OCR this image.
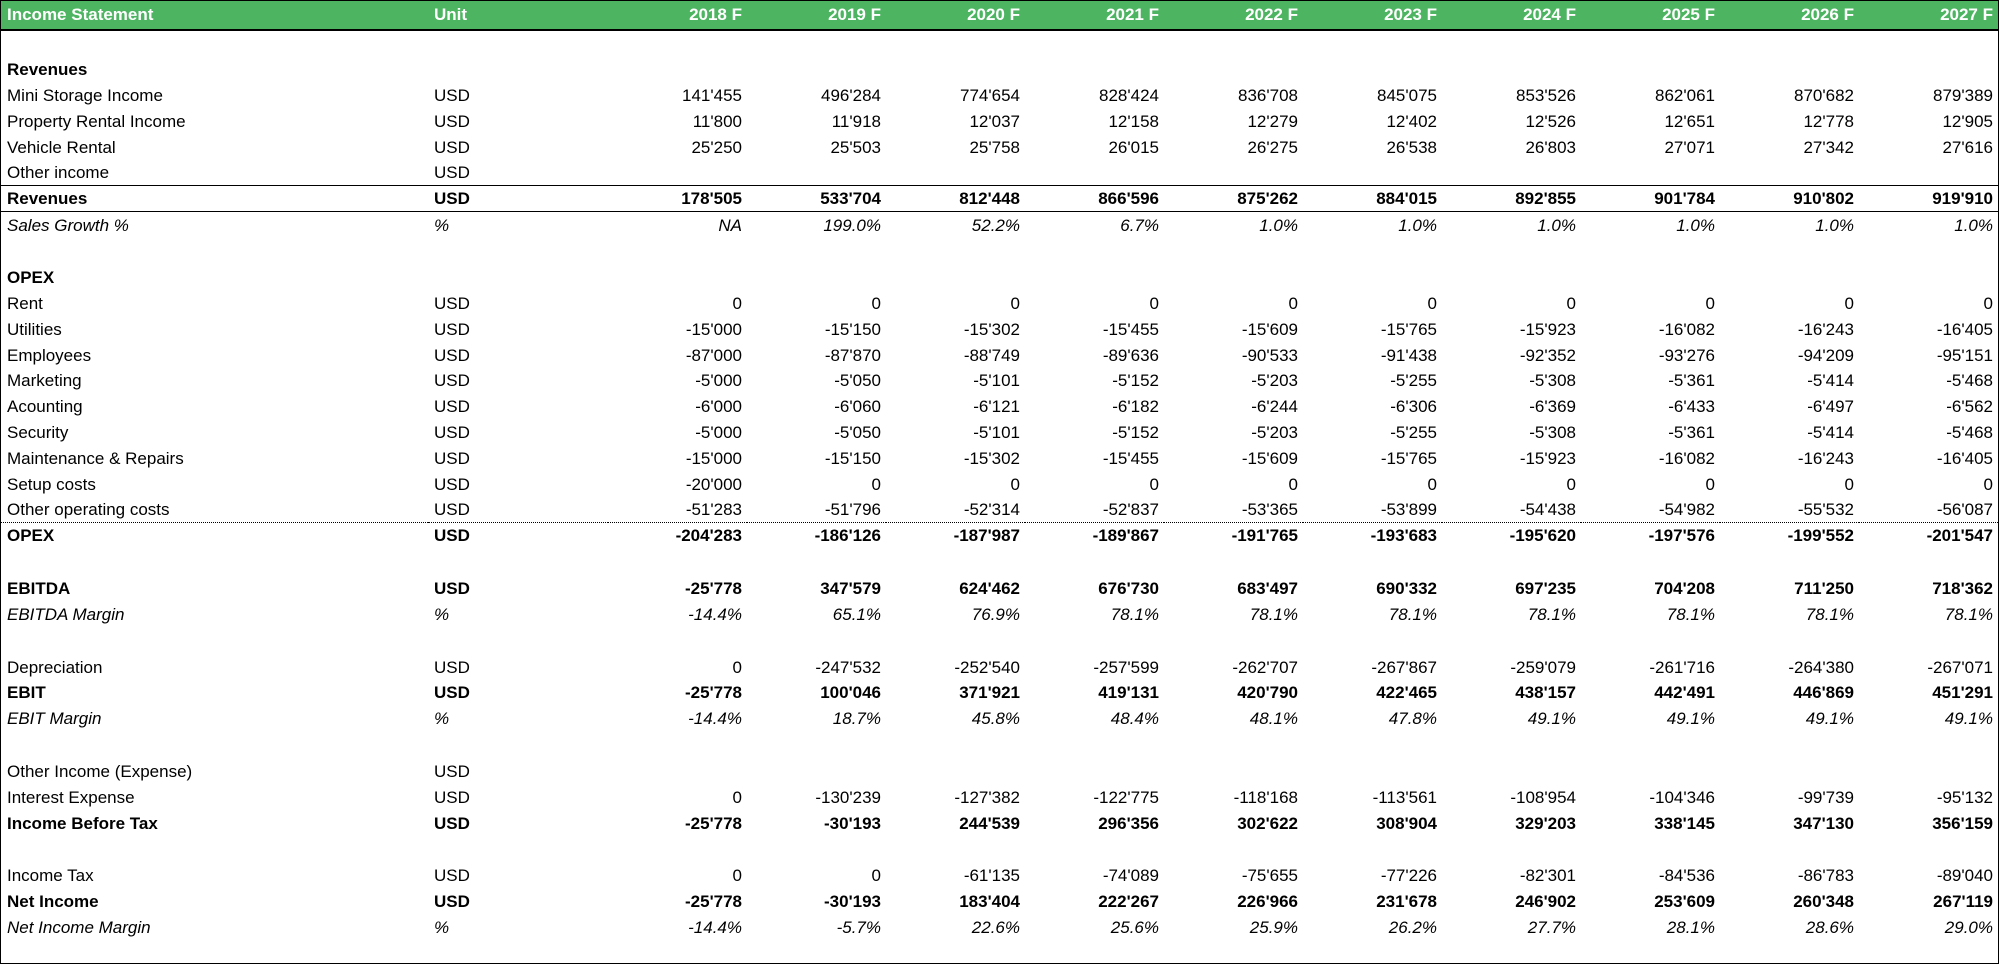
Income Statement	Unit	2018 F	2019 F	2020 F	2021 F	2022 F	2023 F	2024 F	2025 F	2026 F	2027 F

Revenues											
Mini Storage Income	USD	141'455	496'284	774'654	828'424	836'708	845'075	853'526	862'061	870'682	879'389
Property Rental Income	USD	11'800	11'918	12'037	12'158	12'279	12'402	12'526	12'651	12'778	12'905
Vehicle Rental	USD	25'250	25'503	25'758	26'015	26'275	26'538	26'803	27'071	27'342	27'616
Other income	USD										
Revenues	USD	178'505	533'704	812'448	866'596	875'262	884'015	892'855	901'784	910'802	919'910
Sales Growth %	%	NA	199.0%	52.2%	6.7%	1.0%	1.0%	1.0%	1.0%	1.0%	1.0%

OPEX											
Rent	USD	0	0	0	0	0	0	0	0	0	0
Utilities	USD	-15'000	-15'150	-15'302	-15'455	-15'609	-15'765	-15'923	-16'082	-16'243	-16'405
Employees	USD	-87'000	-87'870	-88'749	-89'636	-90'533	-91'438	-92'352	-93'276	-94'209	-95'151
Marketing	USD	-5'000	-5'050	-5'101	-5'152	-5'203	-5'255	-5'308	-5'361	-5'414	-5'468
Acounting	USD	-6'000	-6'060	-6'121	-6'182	-6'244	-6'306	-6'369	-6'433	-6'497	-6'562
Security	USD	-5'000	-5'050	-5'101	-5'152	-5'203	-5'255	-5'308	-5'361	-5'414	-5'468
Maintenance & Repairs	USD	-15'000	-15'150	-15'302	-15'455	-15'609	-15'765	-15'923	-16'082	-16'243	-16'405
Setup costs	USD	-20'000	0	0	0	0	0	0	0	0	0
Other operating costs	USD	-51'283	-51'796	-52'314	-52'837	-53'365	-53'899	-54'438	-54'982	-55'532	-56'087
OPEX	USD	-204'283	-186'126	-187'987	-189'867	-191'765	-193'683	-195'620	-197'576	-199'552	-201'547

EBITDA	USD	-25'778	347'579	624'462	676'730	683'497	690'332	697'235	704'208	711'250	718'362
EBITDA Margin	%	-14.4%	65.1%	76.9%	78.1%	78.1%	78.1%	78.1%	78.1%	78.1%	78.1%

Depreciation	USD	0	-247'532	-252'540	-257'599	-262'707	-267'867	-259'079	-261'716	-264'380	-267'071
EBIT	USD	-25'778	100'046	371'921	419'131	420'790	422'465	438'157	442'491	446'869	451'291
EBIT Margin	%	-14.4%	18.7%	45.8%	48.4%	48.1%	47.8%	49.1%	49.1%	49.1%	49.1%

Other Income (Expense)	USD										
Interest Expense	USD	0	-130'239	-127'382	-122'775	-118'168	-113'561	-108'954	-104'346	-99'739	-95'132
Income Before Tax	USD	-25'778	-30'193	244'539	296'356	302'622	308'904	329'203	338'145	347'130	356'159

Income Tax	USD	0	0	-61'135	-74'089	-75'655	-77'226	-82'301	-84'536	-86'783	-89'040
Net Income	USD	-25'778	-30'193	183'404	222'267	226'966	231'678	246'902	253'609	260'348	267'119
Net Income Margin	%	-14.4%	-5.7%	22.6%	25.6%	25.9%	26.2%	27.7%	28.1%	28.6%	29.0%
